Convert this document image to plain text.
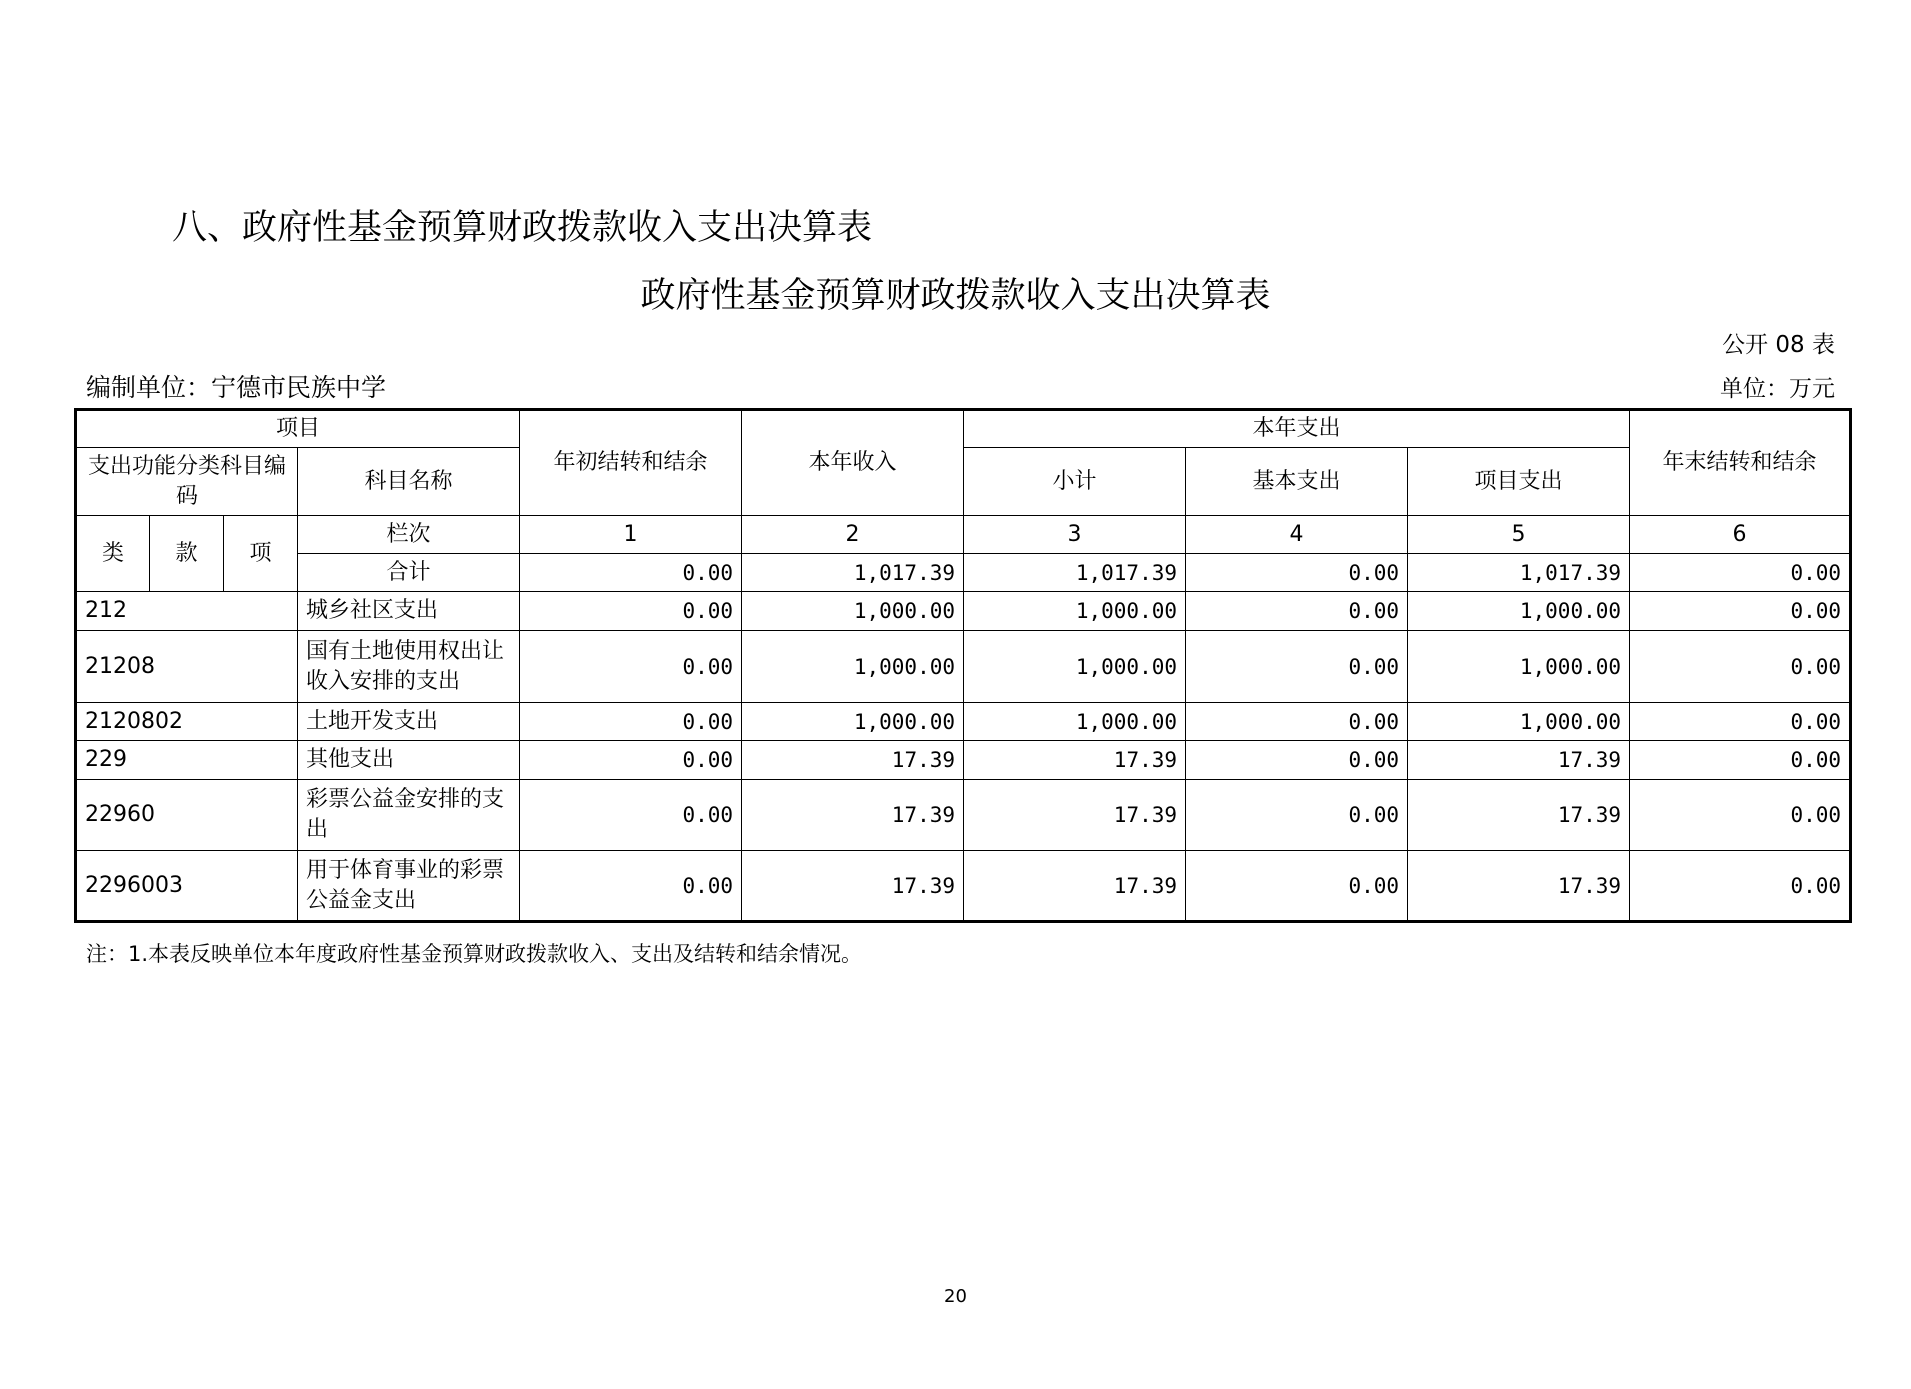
八、政府性基金预算财政拨款收入支出决算表
政府性基金预算财政拨款收入支出决算表
公开 08 表
编制单位：宁德市民族中学	单位：万元
项目				年初结转和结余	本年收入	本年支出			年末结转和结余
支出功能分类科目编码			科目名称			小计	基本支出	项目支出	
类	款	项	栏次	1	2	3	4	5	6
			合计	0.00	1,017.39	1,017.39	0.00	1,017.39	0.00
212			城乡社区支出	0.00	1,000.00	1,000.00	0.00	1,000.00	0.00
21208			国有土地使用权出让收入安排的支出	0.00	1,000.00	1,000.00	0.00	1,000.00	0.00
2120802			土地开发支出	0.00	1,000.00	1,000.00	0.00	1,000.00	0.00
229			其他支出	0.00	17.39	17.39	0.00	17.39	0.00
22960			彩票公益金安排的支出	0.00	17.39	17.39	0.00	17.39	0.00
2296003			用于体育事业的彩票公益金支出	0.00	17.39	17.39	0.00	17.39	0.00
注：1.本表反映单位本年度政府性基金预算财政拨款收入、支出及结转和结余情况。
20
